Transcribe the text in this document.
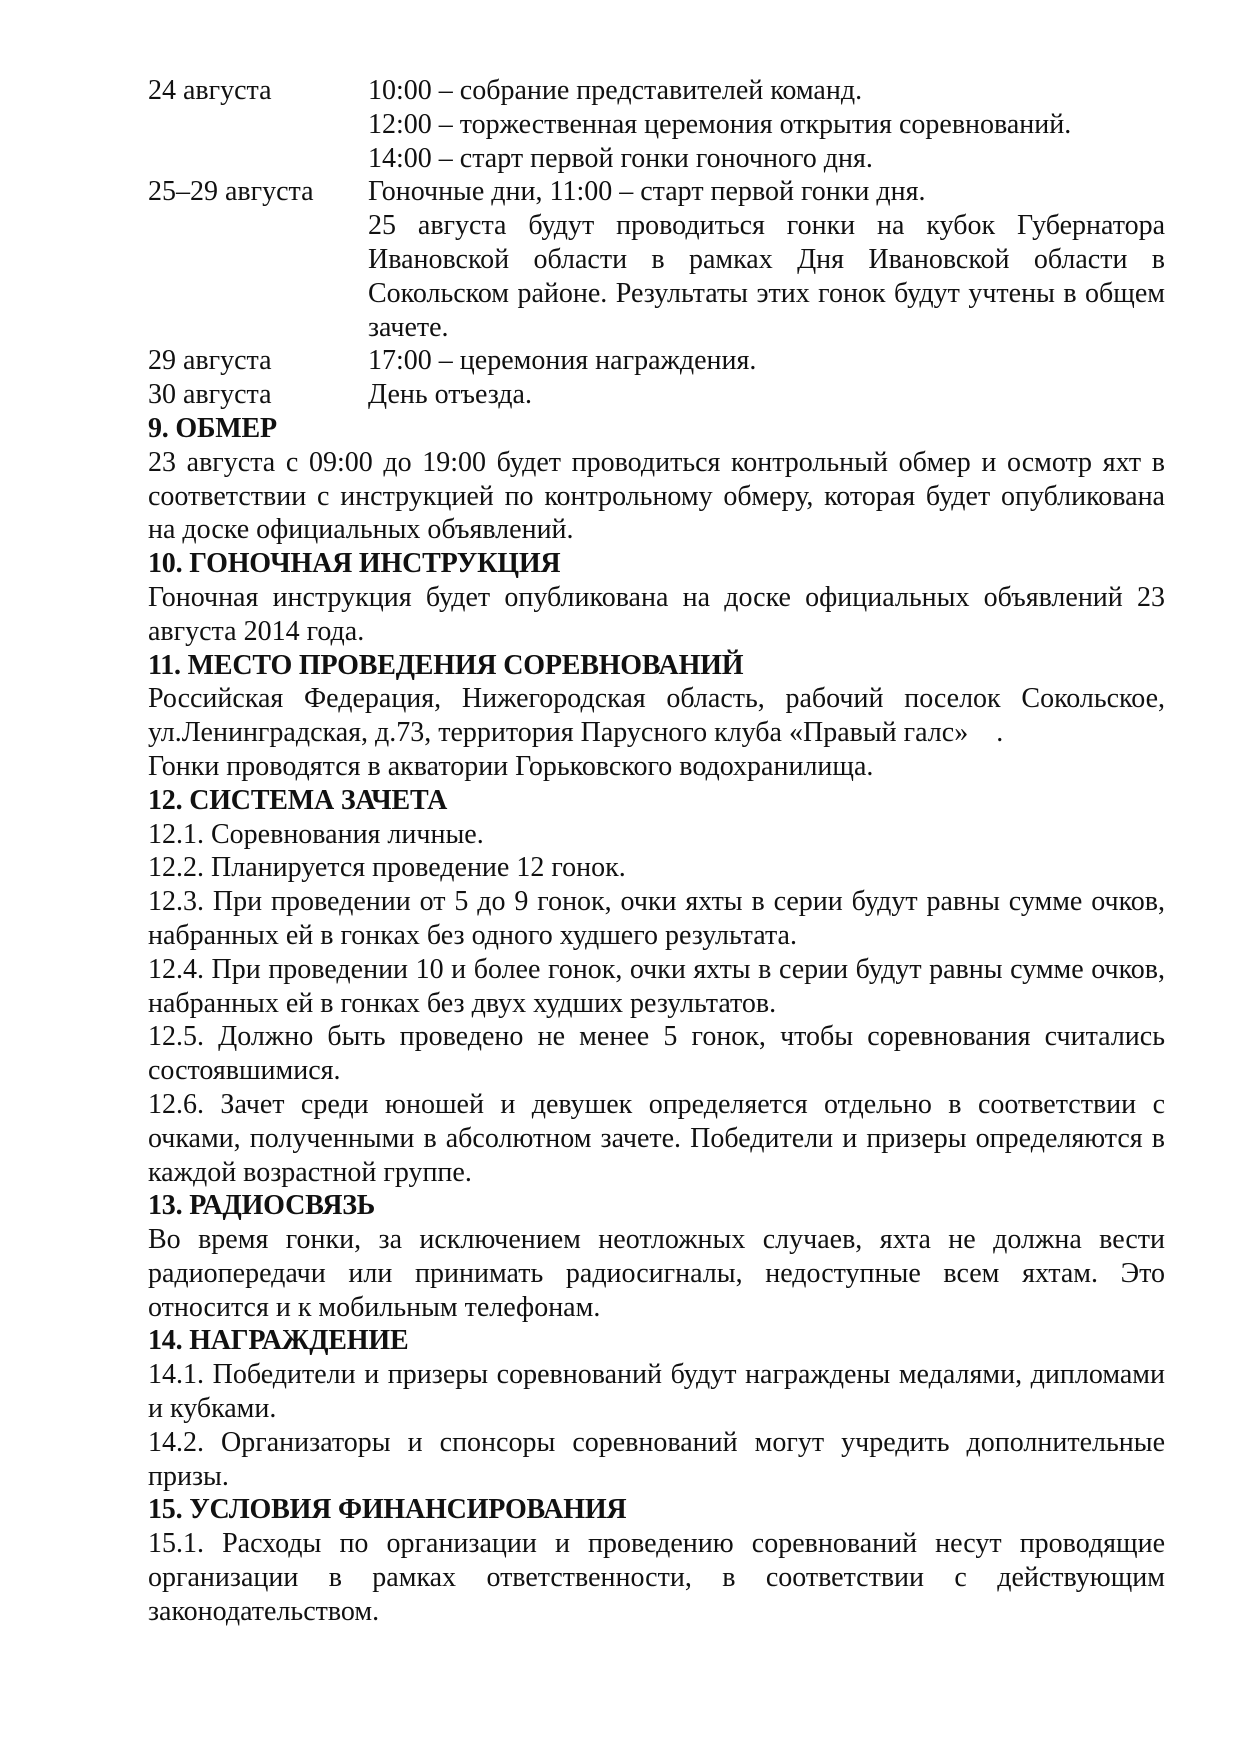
24 августа	10:00 – собрание представителей команд.
12:00 – торжественная церемония открытия соревнований.
14:00 – старт первой гонки гоночного дня.
25–29 августа	Гоночные дни, 11:00 – старт первой гонки дня.
25 августа будут проводиться гонки на кубок Губернатора Ивановской области в рамках Дня Ивановской области в Сокольском районе. Результаты этих гонок будут учтены в общем зачете.
29 августа	17:00 – церемония награждения.
30 августа	День отъезда.
9. ОБМЕР

23 августа с 09:00 до 19:00 будет проводиться контрольный обмер и осмотр яхт в соответствии с инструкцией по контрольному обмеру, которая будет опубликована на доске официальных объявлений.

10. ГОНОЧНАЯ ИНСТРУКЦИЯ

Гоночная инструкция будет опубликована на доске официальных объявлений 23 августа 2014 года.

11. МЕСТО ПРОВЕДЕНИЯ СОРЕВНОВАНИЙ

Российская Федерация, Нижегородская область, рабочий поселок Сокольское, ул.Ленинградская, д.73, территория Парусного клуба «Правый галс»    .

Гонки проводятся в акватории Горьковского водохранилища.

12. СИСТЕМА ЗАЧЕТА

12.1. Соревнования личные.

12.2. Планируется проведение 12 гонок.

12.3. При проведении от 5 до 9 гонок, очки яхты в серии будут равны сумме очков, набранных ей в гонках без одного худшего результата.

12.4. При проведении 10 и более гонок, очки яхты в серии будут равны сумме очков, набранных ей в гонках без двух худших результатов.

12.5. Должно быть проведено не менее 5 гонок, чтобы соревнования считались состоявшимися.

12.6. Зачет среди юношей и девушек определяется отдельно в соответствии с очками, полученными в абсолютном зачете. Победители и призеры определяются в каждой возрастной группе.

13. РАДИОСВЯЗЬ

Во время гонки, за исключением неотложных случаев, яхта не должна вести радиопередачи или принимать радиосигналы, недоступные всем яхтам. Это относится и к мобильным телефонам.

14. НАГРАЖДЕНИЕ

14.1. Победители и призеры соревнований будут награждены медалями, дипломами и кубками.

14.2. Организаторы и спонсоры соревнований могут учредить дополнительные призы.

15. УСЛОВИЯ ФИНАНСИРОВАНИЯ

15.1. Расходы по организации и проведению соревнований несут проводящие организации в рамках ответственности, в соответствии с действующим законодательством.
